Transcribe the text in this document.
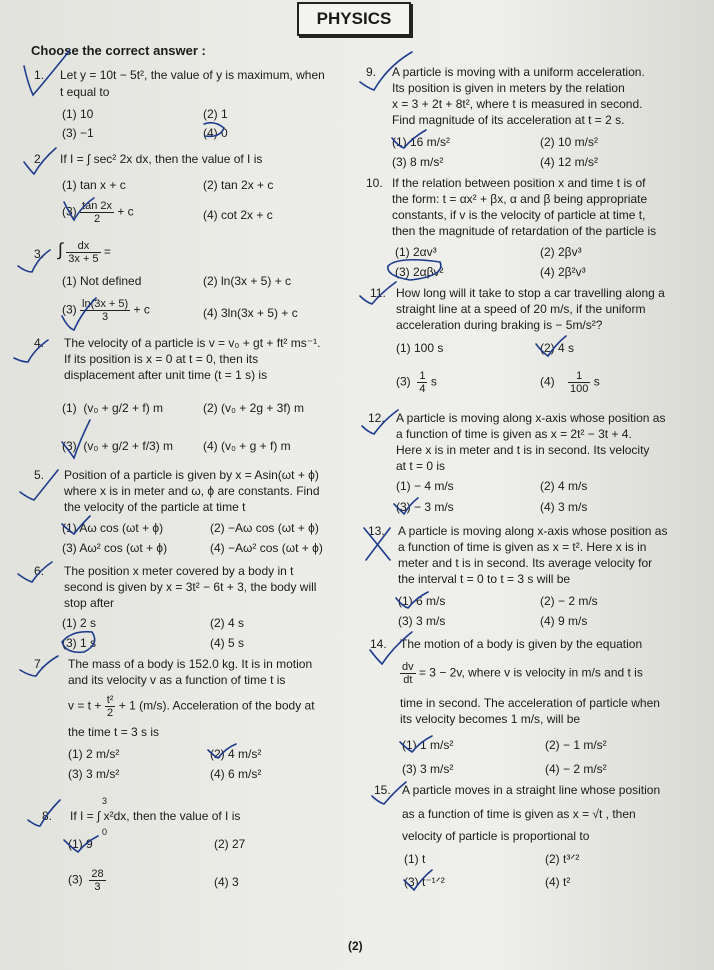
PHYSICS
Choose the correct answer :
1. Let y = 10t − 5t², the value of y is maximum, when
t equal to
(1) 10	(2) 1
(3) −1	(4) 0
2. If I = ∫ sec² 2x dx, then the value of I is
(1) tan x + c	(2) tan 2x + c
$(3) \frac{\tan 2x}{2} + c$	(4) cot 2x + c
3. ∫ $\frac{dx}{3x + 5}$ =
(1) Not defined	(2) ln(3x + 5) + c
$(3) \frac{\ln(3x + 5)}{3} + c$	(4) 3ln(3x + 5) + c
4. The velocity of a particle is v = v₀ + gt + ft² ms⁻¹.
If its position is x = 0 at t = 0, then its
displacement after unit time (t = 1 s) is
(1) (v₀ + g/2 + f) m	(2) (v₀ + 2g + 3f) m
(3) (v₀ + g/2 + f/3) m (4) (v₀ + g + f) m
5. Position of a particle is given by x = Asin(ωt + ϕ)
where x is in meter and ω, ϕ are constants. Find
the velocity of the particle at time t
(1) Aω cos (ωt + ϕ)	(2) −Aω cos (ωt + ϕ)
(3) Aω² cos (ωt + ϕ)	(4) −Aω² cos (ωt + ϕ)
6. The position x meter covered by a body in t
second is given by x = 3t² − 6t + 3, the body will
stop after
(1) 2 s	(2) 4 s
(3) 1 s	(4) 5 s
7. The mass of a body is 152.0 kg. It is in motion
and its velocity v as a function of time t is
$v = t + \frac{\text{t²}}{2} + 1$ (m/s). Acceleration of the body at
the time t = 3 s is
(1) 2 m/s²	(2) 4 m/s²
(3) 3 m/s²	(4) 6 m/s²
8. If I = ∫ x²dx, then the value of I is
3
0
(1) 9	(2) 27
$(3) \frac{28}{3}$	(4) 3
9. A particle is moving with a uniform acceleration.
Its position is given in meters by the relation
x = 3 + 2t + 8t², where t is measured in second.
Find magnitude of its acceleration at t = 2 s.
(1) 16 m/s²	(2) 10 m/s²
(3) 8 m/s²	(4) 12 m/s²
10. If the relation between position x and time t is of
the form: t = αx² + βx, α and β being appropriate
constants, if v is the velocity of particle at time t,
then the magnitude of retardation of the particle is
(1) 2αv³	(2) 2βv³
(3) 2αβv²	(4) 2β²v³
11. How long will it take to stop a car travelling along a
straight line at a speed of 20 m/s, if the uniform
acceleration during braking is − 5m/s²?
(1) 100 s	(2) 4 s
$(3) \frac{1}{4}$ s	$(4) \frac{1}{100}$ s
12. A particle is moving along x-axis whose position as
a function of time is given as x = 2t² − 3t + 4.
Here x is in meter and t is in second. Its velocity
at t = 0 is
(1) − 4 m/s	(2) 4 m/s
(3) − 3 m/s	(4) 3 m/s
13. A particle is moving along x-axis whose position as
a function of time is given as x = t². Here x is in
meter and t is in second. Its average velocity for
the interval t = 0 to t = 3 s will be
(1) 6 m/s	(2) − 2 m/s
(3) 3 m/s	(4) 9 m/s
14. The motion of a body is given by the equation
$\frac{dv}{dt} = 3 - 2v$, where v is velocity in m/s and t is
time in second. The acceleration of particle when
its velocity becomes 1 m/s, will be
(1) 1 m/s²	(2) − 1 m/s²
(3) 3 m/s²	(4) − 2 m/s²
15. A particle moves in a straight line whose position
as a function of time is given as x = √t , then
velocity of particle is proportional to
(1) t	(2) t³ᐟ²
(3) t⁻¹ᐟ²	(4) t²
(2)
